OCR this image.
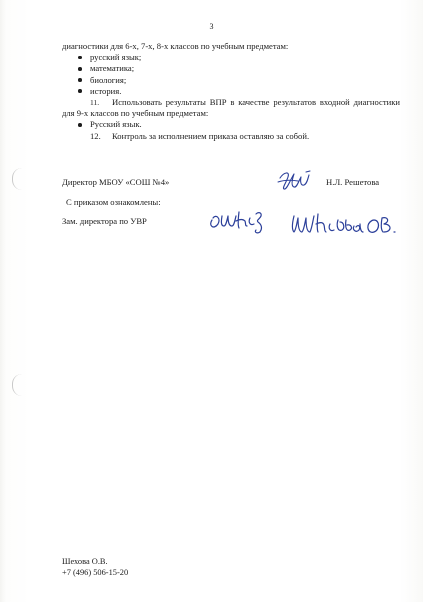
3
диагностики для 6-х, 7-х, 8-х классов по учебным предметам:
русский язык;
математика;
биология;
история.
11. Использовать результаты ВПР в качестве результатов входной диагностики для 9-х классов по учебным предметам:
Русский язык.
12. Контроль за исполнением приказа оставляю за собой.
Директор МБОУ «СОШ №4»	Н.Л. Решетова
С приказом ознакомлены:
Зам. директора по УВР
Шехова О.В.
+7 (496) 506-15-20
